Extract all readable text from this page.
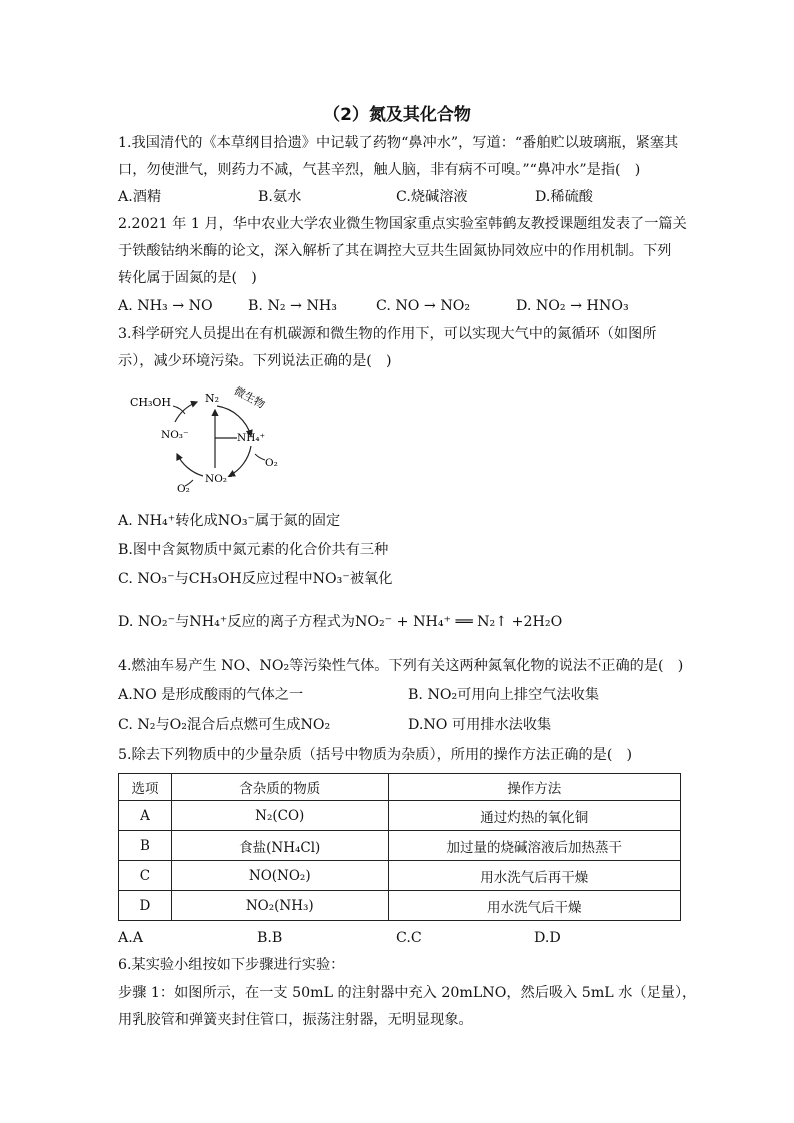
（2）氮及其化合物
1.我国清代的《本草纲目拾遗》中记载了药物“鼻冲水”，写道：“番舶贮以玻璃瓶，紧塞其
口，勿使泄气，则药力不减，气甚辛烈，触人脑，非有病不可嗅。”“鼻冲水”是指(　)
A.酒精	B.氨水	C.烧碱溶液	D.稀硫酸
2.2021 年 1 月，华中农业大学农业微生物国家重点实验室韩鹤友教授课题组发表了一篇关
于铁酸钴纳米酶的论文，深入解析了其在调控大豆共生固氮协同效应中的作用机制。下列
转化属于固氮的是(　)
A. NH₃ → NO B. N₂ → NH₃	C. NO → NO₂	D. NO₂ → HNO₃
3.科学研究人员提出在有机碳源和微生物的作用下，可以实现大气中的氮循环（如图所
示），减少环境污染。下列说法正确的是(　)
CH₃OH	N₂ 微生物
NO₃⁻	NH₄⁺
NO₂⁻
O₂
O₂
A. NH₄⁺转化成NO₃⁻属于氮的固定
B.图中含氮物质中氮元素的化合价共有三种
C. NO₃⁻与CH₃OH反应过程中NO₃⁻被氧化
D. NO₂⁻与NH₄⁺反应的离子方程式为NO₂⁻ + NH₄⁺ ══ N₂↑ +2H₂O
4.燃油车易产生 NO、NO₂等污染性气体。下列有关这两种氮氧化物的说法不正确的是(　)
A.NO 是形成酸雨的气体之一	B. NO₂可用向上排空气法收集
C. N₂与O₂混合后点燃可生成NO₂	D.NO 可用排水法收集
5.除去下列物质中的少量杂质（括号中物质为杂质），所用的操作方法正确的是(　)
选项	含杂质的物质	操作方法
A	N₂(CO)	通过灼热的氧化铜
B	食盐(NH₄Cl)	加过量的烧碱溶液后加热蒸干
C	NO(NO₂)	用水洗气后再干燥
D	NO₂(NH₃)	用水洗气后干燥
A.A	B.B	C.C	D.D
6.某实验小组按如下步骤进行实验：
步骤 1：如图所示，在一支 50mL 的注射器中充入 20mLNO，然后吸入 5mL 水（足量），
用乳胶管和弹簧夹封住管口，振荡注射器，无明显现象。
